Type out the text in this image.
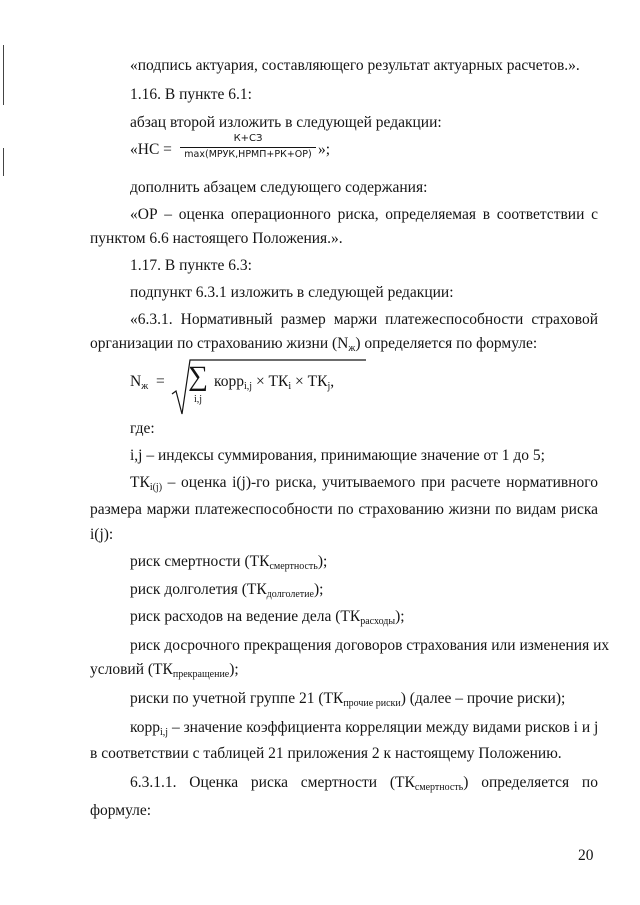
«подпись актуария, составляющего результат актуарных расчетов.».
1.16. В пункте 6.1:
абзац второй изложить в следующей редакции:
«НС =
К+СЗ
max(МРУК,НРМП+РК+ОР) »;
дополнить абзацем следующего содержания:
«ОР – оценка операционного риска, определяемая в соответствии с
пунктом 6.6 настоящего Положения.».
1.17. В пункте 6.3:
подпункт 6.3.1 изложить в следующей редакции:
«6.3.1. Нормативный размер маржи платежеспособности страховой
организации по страхованию жизни $(N_ж)$ определяется по формуле:
$N_ж$ = ∑
i,j
корр$_{i,j}$ × $ТК_i \times ТК_j$,
где:
i,j – индексы суммирования, принимающие значение от 1 до 5;
$ТК_{i(j)}$ – оценка i(j)-го риска, учитываемого при расчете нормативного
размера маржи платежеспособности по страхованию жизни по видам риска
i(j):
риск смертности $(ТК_{смертность})$;
риск долголетия $(ТК_{долголетие})$;
риск расходов на ведение дела $(ТК_{расходы})$;
риск досрочного прекращения договоров страхования или изменения их
условий $(ТК_{прекращение})$;
риски по учетной группе 21 $(ТК_{прочие риски})$ (далее – прочие риски);
корр$_{i,j}$ – значение коэффициента корреляции между видами рисков i и j
в соответствии с таблицей 21 приложения 2 к настоящему Положению.
6.3.1.1. Оценка риска смертности $(ТК_{смертность})$ определяется по
формуле:
20
